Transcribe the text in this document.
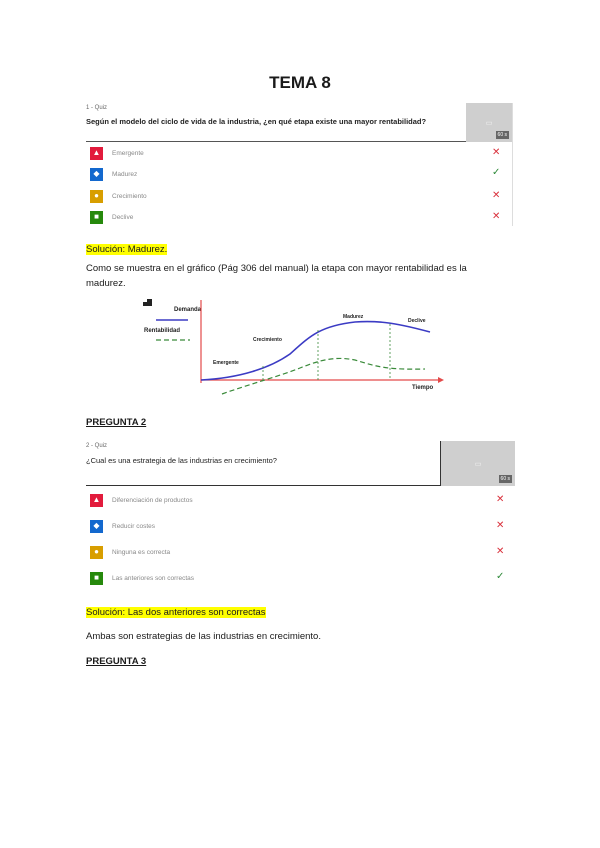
TEMA 8
1 - Quiz
Según el modelo del ciclo de vida de la industria, ¿en qué etapa existe una mayor rentabilidad?	▭
60 s
▲ Emergente	✕
◆ Madurez	✓
● Crecimiento	✕
■ Declive	✕
Solución: Madurez.
Como se muestra en el gráfico (Pág 306 del manual) la etapa con mayor rentabilidad es la madurez.
Demanda
Rentabilidad
Emergente
Crecimiento
Madurez
Declive
Tiempo
PREGUNTA 2
2 - Quiz
¿Cual es una estrategia de las industrias en crecimiento?	▭
60 s
▲ Diferenciación de productos	✕
◆ Reducir costes	✕
● Ninguna es correcta	✕
■ Las anteriores son correctas	✓
Solución: Las dos anteriores son correctas
Ambas son estrategias de las industrias en crecimiento.
PREGUNTA 3
